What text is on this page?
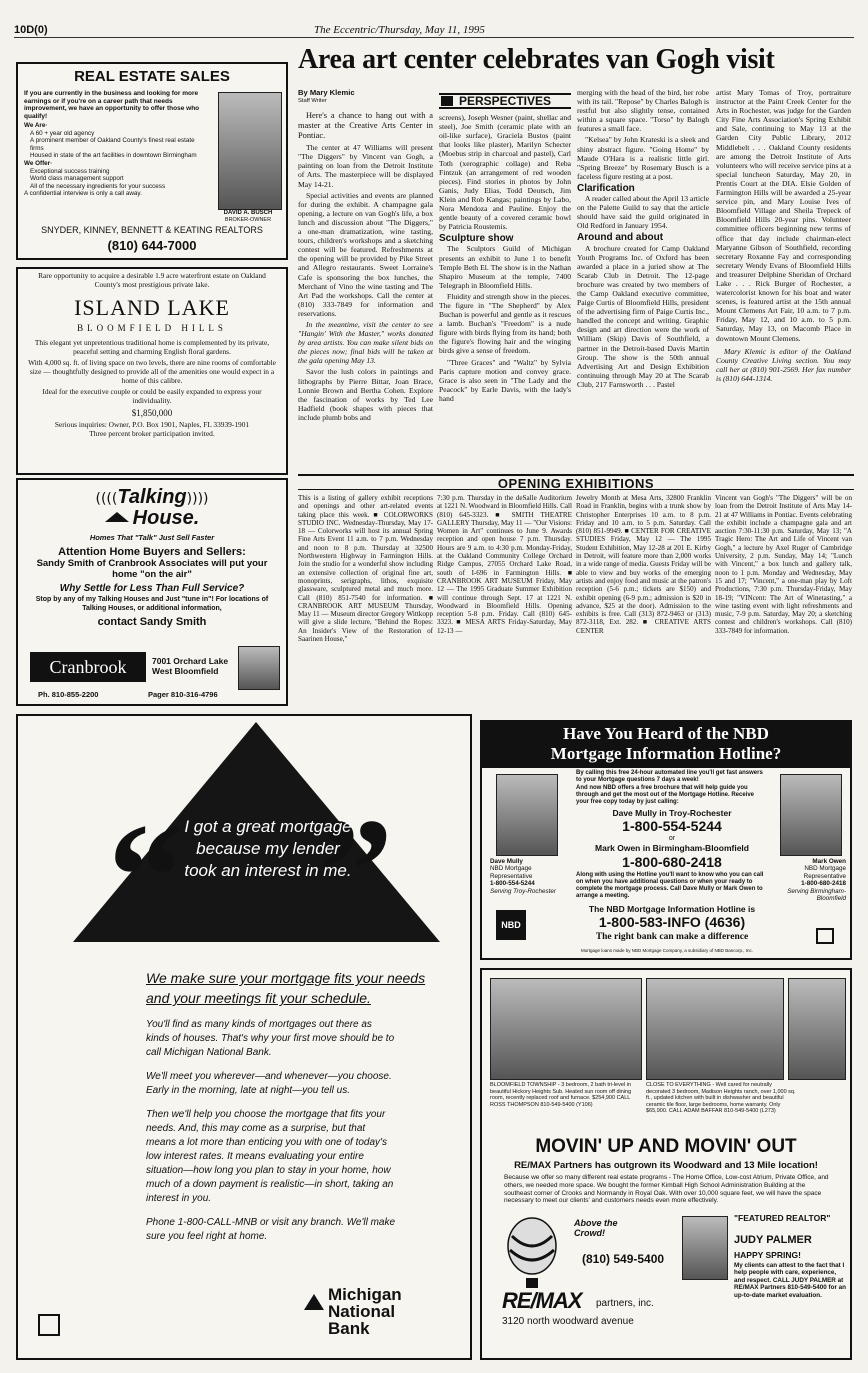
10D(0)	The Eccentric/Thursday, May 11, 1995
REAL ESTATE SALES
If you are currently in the business and looking for more earnings or if you're on a career path that needs improvement, we have an opportunity to offer those who qualify!
We Are·
A 60 + year old agency
A prominent member of Oakland County's finest real estate firms
Housed in state of the art facilities in downtown Birmingham
We Offer·
Exceptional success training
World class management support
All of the necessary ingredients for your success
A confidential interview is only a call away.
DAVID A. BUSCH
BROKER-OWNER
SNYDER, KINNEY, BENNETT & KEATING REALTORS
(810) 644-7000
Rare opportunity to acquire a desirable 1.9 acre waterfront estate on Oakland County's most prestigious private lake.
ISLAND LAKE
BLOOMFIELD HILLS
This elegant yet unpretentious traditional home is complemented by its private, peaceful setting and charming English floral gardens.
With 4,000 sq. ft. of living space on two levels, there are nine rooms of comfortable size — thoughtfully designed to provide all of the amenities one would expect in a home of this calibre.
Ideal for the executive couple or could be easily expanded to express your individuality.
$1,850,000
Serious inquiries: Owner, P.O. Box 1901, Naples, FL 33939-1901
Three percent broker participation invited.
Area art center celebrates van Gogh visit
By Mary Klemic
Staff Writer

Here's a chance to hang out with a master at the Creative Arts Center in Pontiac.

The center at 47 Williams will present "The Diggers" by Vincent van Gogh, a painting on loan from the Detroit Institute of Arts. The masterpiece will be displayed May 14-21.

Special activities and events are planned for during the exhibit. A champagne gala opening, a lecture on van Gogh's life, a box lunch and discussion about "The Diggers," a one-man dramatization, wine tasting, tours, children's workshops and a sketching contest will be featured. Refreshments at the opening will be provided by Pike Street and Allegro restaurants. Sweet Lorraine's Cafe is sponsoring the box lunches, the Merchant of Vino the wine tasting and The Art Pad the workshops. Call the center at (810) 333-7849 for information and reservations.

In the meantime, visit the center to see "Hangin' With the Master," works donated by area artists. You can make silent bids on the pieces now; final bids will be taken at the gala opening May 13.

Savor the lush colors in paintings and lithographs by Pierre Bittar, Joan Brace, Lonnie Brown and Bertha Cohen. Explore the fascination of works by Ted Lee Hadfield (book shapes with pieces that include plumb bobs and

PERSPECTIVES

screens), Joseph Wesner (paint, shellac and steel), Joe Smith (ceramic plate with an oil-like surface), Graciela Bustos (paint that looks like plaster), Marilyn Schecter (Moebus strip in charcoal and pastel), Carl Toth (xerographic collage) and Reba Fintzuk (an arrangement of red wooden pieces). Find stories in photos by John Ganis, Judy Elias, Todd Deutsch, Jim Klein and Rob Kangas; paintings by Labo, Nora Mendoza and Pauline. Enjoy the gentle beauty of a covered ceramic bowl by Patricia Roustemis.

Sculpture show

The Sculptors Guild of Michigan presents an exhibit to June 1 to benefit Temple Beth El. The show is in the Nathan Shapiro Museum at the temple, 7400 Telegraph in Bloomfield Hills.

Fluidity and strength show in the pieces. The figure in "The Shepherd" by Alex Buchan is powerful and gentle as it rescues a lamb. Buchan's "Freedom" is a nude figure with birds flying from its hand; both the figure's flowing hair and the winging birds give a sense of freedom.

"Three Graces" and "Waltz" by Sylvia Paris capture motion and convey grace. Grace is also seen in "The Lady and the Peacock" by Earle Davis, with the lady's hand

merging with the head of the bird, her robe with its tail. "Repose" by Charles Balogh is restful but also slightly tense, contained within a square space. "Torso" by Balogh features a small face.

"Kelsea" by John Krateski is a sleek and shiny abstract figure. "Going Home" by Maude O'Hara is a realistic little girl. "Spring Breeze" by Rosemary Busch is a faceless figure resting at a post.

Clarification

A reader called about the April 13 article on the Palette Guild to say that the article should have said the guild originated in Old Redford in January 1954.

Around and about

A brochure created for Camp Oakland Youth Programs Inc. of Oxford has been awarded a place in a juried show at The Scarab Club in Detroit. The 12-page brochure was created by two members of the Camp Oakland executive committee, Paige Curtis of Bloomfield Hills, president of the advertising firm of Paige Curtis Inc., handled the concept and writing. Graphic design and art direction were the work of William (Skip) Davis of Southfield, a partner in the Detroit-based Davis Martin Group. The show is the 50th annual Advertising Art and Design Exhibition continuing through May 20 at The Scarab Club, 217 Farnsworth . . . Pastel

artist Mary Tomas of Troy, portraiture instructor at the Paint Creek Center for the Arts in Rochester, was judge for the Garden City Fine Arts Association's Spring Exhibit and Sale, continuing to May 13 at the Garden City Public Library, 2012 Middlebelt . . . Oakland County residents are among the Detroit Institute of Arts volunteers who will receive service pins at a special luncheon Saturday, May 20, in Prentis Court at the DIA. Elsie Golden of Farmington Hills will be awarded a 25-year service pin, and Mary Louise Ives of Bloomfield Village and Sheila Trepeck of Bloomfield Hills 20-year pins. Volunteer committee officers beginning new terms of office that day include chairman-elect Maryanne Gibson of Southfield, recording secretary Roxanne Fay and corresponding secretary Wendy Evans of Bloomfield Hills and treasurer Delphine Sheridan of Orchard Lake . . . Rick Burger of Rochester, a watercolorist known for his boat and water scenes, is featured artist at the 15th annual Mount Clemens Art Fair, 10 a.m. to 7 p.m. Friday, May 12, and 10 a.m. to 5 p.m. Saturday, May 13, on Macomb Place in downtown Mount Clemens.

Mary Klemic is editor of the Oakland County Creative Living section. You may call her at (810) 901-2569. Her fax number is (810) 644-1314.

((((Talking))))
House.
Homes That "Talk" Just Sell Faster
Attention Home Buyers and Sellers:
Sandy Smith of Cranbrook Associates will put your home "on the air"
Why Settle for Less Than Full Service?
Stop by any of my Talking Houses and Just "tune in"! For locations of Talking Houses, or additional information,
contact Sandy Smith
Cranbrook	7001 Orchard Lake
West Bloomfield
Ph. 810-855-2200	Pager 810-316-4796
OPENING EXHIBITIONS
This is a listing of gallery exhibit receptions and openings and other art-related events taking place this week. ■ COLORWORKS STUDIO INC. Wednesday-Thursday, May 17-18 — Colorworks will host its annual Spring Fine Arts Event 11 a.m. to 7 p.m. Wednesday and noon to 8 p.m. Thursday at 32500 Northwestern Highway in Farmington Hills. Join the studio for a wonderful show including an extensive collection of original fine art, monoprints, serigraphs, lithos, exquisite glassware, sculptured metal and much more. Call (810) 851-7540 for information. ■ CRANBROOK ART MUSEUM Thursday, May 11 — Museum director Gregory Wittkopp will give a slide lecture, "Behind the Ropes: An Insider's View of the Restoration of Saarinen House,"
7:30 p.m. Thursday in the deSalle Auditorium at 1221 N. Woodward in Bloomfield Hills. Call (810) 645-3323. ■ SMITH THEATRE GALLERY Thursday, May 11 — "Our Visions: Women in Art" continues to June 9. Awards reception and open house 7 p.m. Thursday. Hours are 9 a.m. to 4:30 p.m. Monday-Friday, at the Oakland Community College Orchard Ridge Campus, 27055 Orchard Lake Road, south of I-696 in Farmington Hills. ■ CRANBROOK ART MUSEUM Friday, May 12 — The 1995 Graduate Summer Exhibition will continue through Sept. 17 at 1221 N. Woodward in Bloomfield Hills. Opening reception 5-8 p.m. Friday. Call (810) 645-3323. ■ MESA ARTS Friday-Saturday, May 12-13 —
Jewelry Month at Mesa Arts, 32800 Franklin Road in Franklin, begins with a trunk show by Christopher Enterprises 10 a.m. to 8 p.m. Friday and 10 a.m. to 5 p.m. Saturday. Call (810) 851-9949. ■ CENTER FOR CREATIVE STUDIES Friday, May 12 — The 1995 Student Exhibition, May 12-28 at 201 E. Kirby in Detroit, will feature more than 2,000 works in a wide range of media. Guests Friday will be able to view and buy works of the emerging artists and enjoy food and music at the patron's reception (5-6 p.m.; tickets are $150) and exhibit opening (6-9 p.m.; admission is $20 in advance, $25 at the door). Admission to the exhibits is free. Call (313) 872-9463 or (313) 872-3118, Ext. 282. ■ CREATIVE ARTS CENTER
Vincent van Gogh's "The Diggers" will be on loan from the Detroit Institute of Arts May 14-21 at 47 Williams in Pontiac. Events celebrating the exhibit include a champagne gala and art auction 7:30-11:30 p.m. Saturday, May 13; "A Tragic Hero: The Art and Life of Vincent van Gogh," a lecture by Axel Ruger of Cambridge University, 2 p.m. Sunday, May 14; "Lunch with Vincent," a box lunch and gallery talk, noon to 1 p.m. Monday and Wednesday, May 15 and 17; "Vincent," a one-man play by Loft Productions, 7:30 p.m. Thursday-Friday, May 18-19; "VINcent: The Art of Winetasting," a wine tasting event with light refreshments and music, 7-9 p.m. Saturday, May 20; a sketching contest and children's workshops. Call (810) 333-7849 for information.
“ ”
I got a great mortgage because my lender took an interest in me.
We make sure your mortgage fits your needs
and your meetings fit your schedule.

You'll find as many kinds of mortgages out there as kinds of houses. That's why your first move should be to call Michigan National Bank.

We'll meet you wherever—and whenever—you choose. Early in the morning, late at night—you tell us.

Then we'll help you choose the mortgage that fits your needs. And, this may come as a surprise, but that means a lot more than enticing you with one of today's low interest rates. It means evaluating your entire situation—how long you plan to stay in your home, how much of a down payment is realistic—in short, taking an interest in you.

Phone 1-800-CALL-MNB or visit any branch. We'll make sure you feel right at home.

Michigan
National
Bank
Have You Heard of the NBD
Mortgage Information Hotline?
By calling this free 24-hour automated line you'll get fast answers to your Mortgage questions 7 days a week!
And now NBD offers a free brochure that will help guide you through and get the most out of the Mortgage Hotline. Receive your free copy today by just calling:
Dave Mully in Troy-Rochester
1-800-554-5244
or
Mark Owen in Birmingham-Bloomfield
1-800-680-2418
Along with using the Hotline you'll want to know who you can call on when you have additional questions or when your ready to complete the mortgage process. Call Dave Mully or Mark Owen to arrange a meeting.
Dave Mully
NBD Mortgage Representative
1-800-554-5244
Serving Troy-Rochester
Mark Owen
NBD Mortgage Representative
1-800-680-2418
Serving Birmingham-Bloomfield
NBD
The NBD Mortgage Information Hotline is
1-800-583-INFO (4636)
The right bank can make a difference
Mortgage loans made by NBD Mortgage Company, a subsidiary of NBD Bancorp., Inc.
BLOOMFIELD TOWNSHIP - 3 bedroom, 2 bath tri-level in beautiful Hickory Heights Sub. Heated sun room off dining room, recently replaced roof and furnace. $254,900 CALL ROSS THOMPSON 810-549-5400 (Y106)
CLOSE TO EVERYTHING - Well cared for neutrally decorated 3 bedroom, Madison Heights ranch, over 1,000 sq. ft., updated kitchen with built in dishwasher and beautiful ceramic tile floor, large bedrooms, home warranty. Only $65,900. CALL ADAM BAFFAR 810-549-5400 (L273)
MOVIN' UP AND MOVIN' OUT
RE/MAX Partners has outgrown its Woodward and 13 Mile location!
Because we offer so many different real estate programs - The Home Office, Low-cost Atrium, Private Office, and others, we needed more space. We bought the former Kimball High School Administration Building at the southeast corner of Crooks and Normandy in Royal Oak. With over 10,000 square feet, we will have the space necessary to meet our clients' and customers needs even more effectively.
Above the Crowd!
(810) 549-5400
RE/MAX partners, inc.
3120 north woodward avenue
"FEATURED REALTOR"
JUDY PALMER
HAPPY SPRING!
My clients can attest to the fact that I help people with care, experience, and respect. CALL JUDY PALMER at RE/MAX Partners 810-549-5400 for an up-to-date market evaluation.
